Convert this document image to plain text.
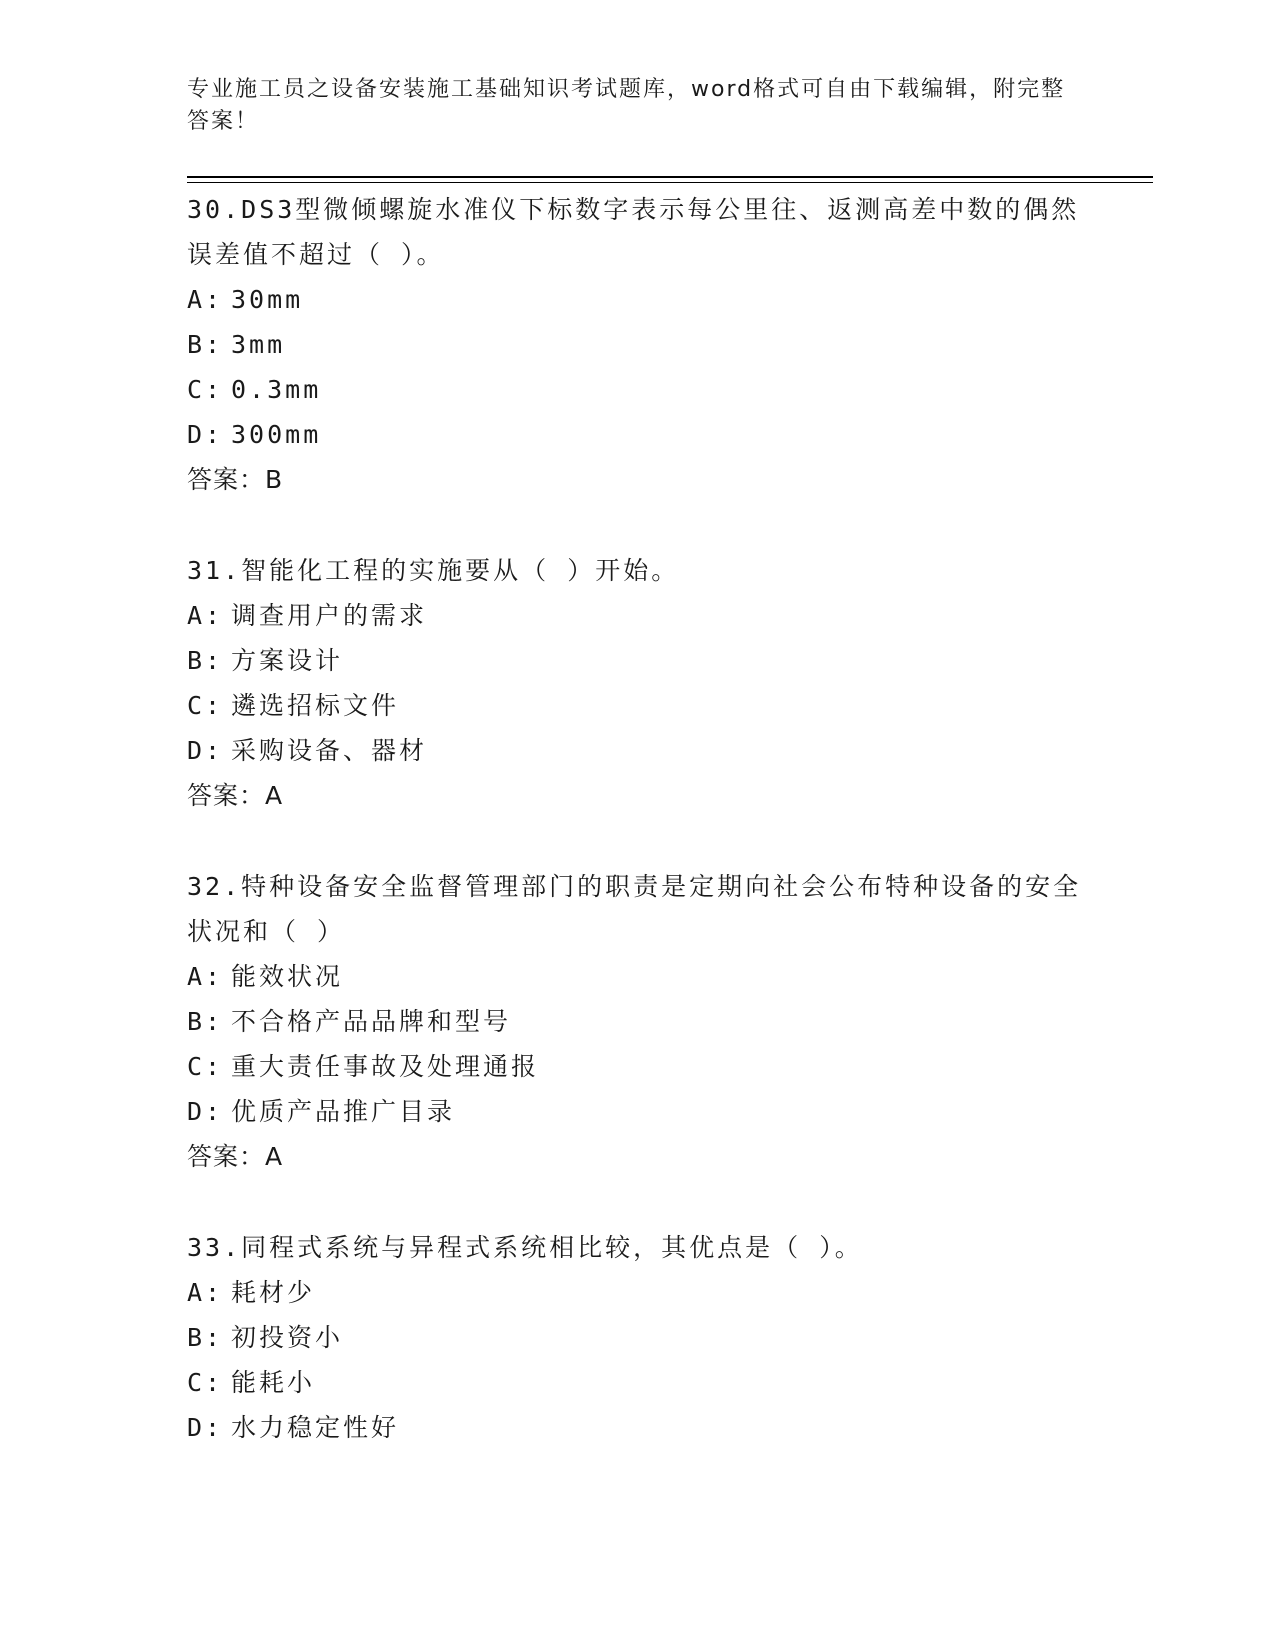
专业施工员之设备安装施工基础知识考试题库，word格式可自由下载编辑，附完整答案！
30.DS3型微倾螺旋水准仪下标数字表示每公里往、返测高差中数的偶然误差值不超过（ ）。
A: 30mm
B: 3mm
C: 0.3mm
D: 300mm
答案：B
31.智能化工程的实施要从（ ）开始。
A: 调查用户的需求
B: 方案设计
C: 遴选招标文件
D: 采购设备、器材
答案：A
32.特种设备安全监督管理部门的职责是定期向社会公布特种设备的安全状况和（ ）
A: 能效状况
B: 不合格产品品牌和型号
C: 重大责任事故及处理通报
D: 优质产品推广目录
答案：A
33.同程式系统与异程式系统相比较，其优点是（ ）。
A: 耗材少
B: 初投资小
C: 能耗小
D: 水力稳定性好
